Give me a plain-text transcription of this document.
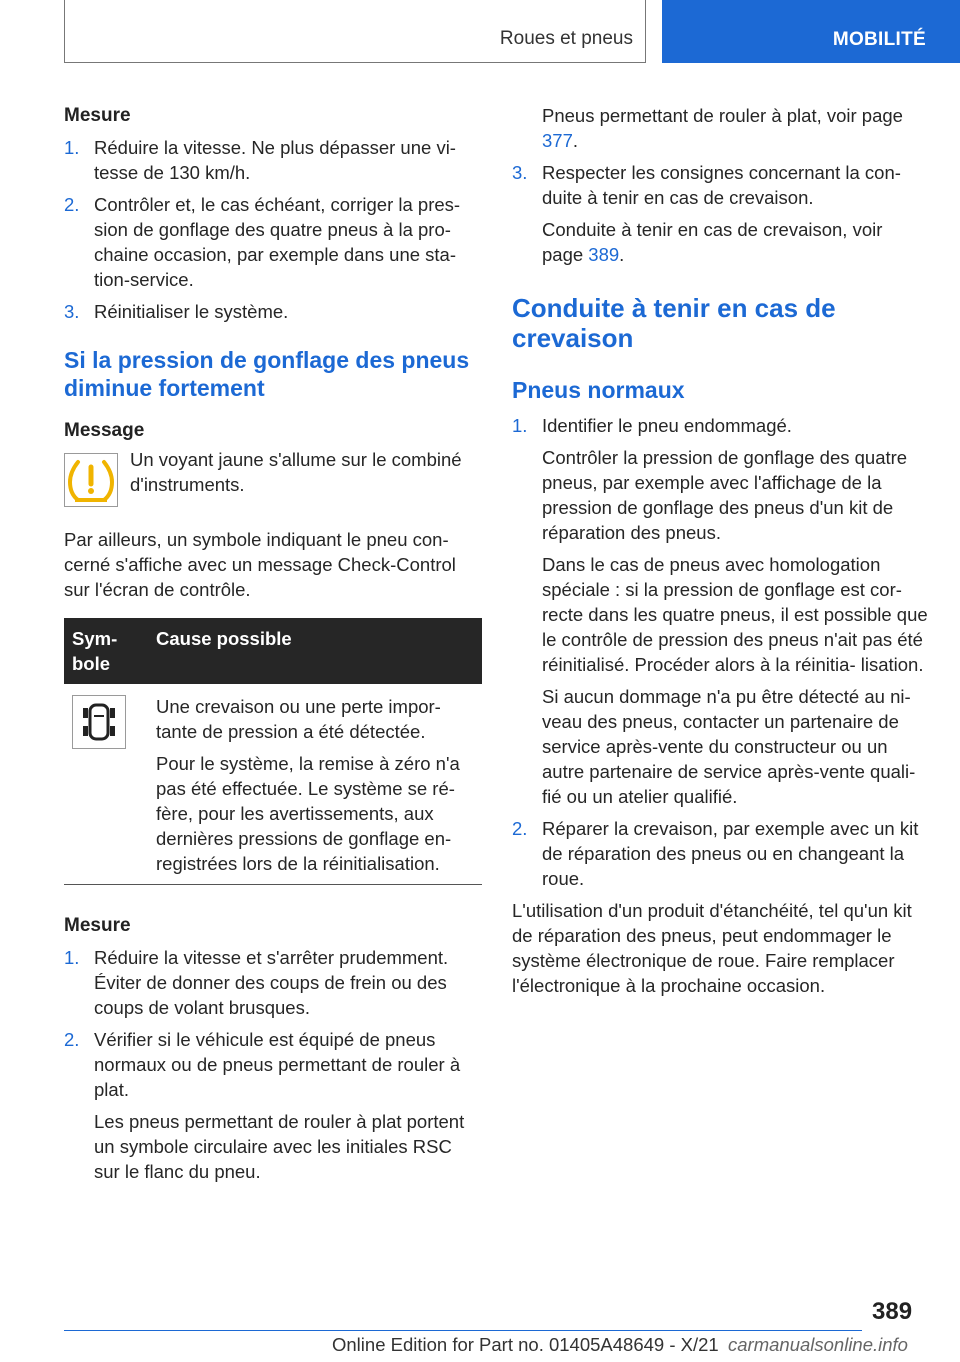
Roues et pneus	MOBILITÉ

Mesure

1. Réduire la vitesse. Ne plus dépasser une vi- tesse de 130 km/h.

2. Contrôler et, le cas échéant, corriger la pres- sion de gonflage des quatre pneus à la pro- chaine occasion, par exemple dans une sta- tion-service.

3. Réinitialiser le système.

Si la pression de gonflage des pneus diminue fortement

Message

Un voyant jaune s'allume sur le combiné d'instruments.

Par ailleurs, un symbole indiquant le pneu con- cerné s'affiche avec un message Check-Control sur l'écran de contrôle.

Sym- bole	Cause possible

Une crevaison ou une perte impor- tante de pression a été détectée.

Pour le système, la remise à zéro n'a pas été effectuée. Le système se ré- fère, pour les avertissements, aux dernières pressions de gonflage en- registrées lors de la réinitialisation.

Mesure

1. Réduire la vitesse et s'arrêter prudemment. Éviter de donner des coups de frein ou des coups de volant brusques.

2. Vérifier si le véhicule est équipé de pneus normaux ou de pneus permettant de rouler à plat.

Les pneus permettant de rouler à plat portent un symbole circulaire avec les initiales RSC sur le flanc du pneu.

Pneus permettant de rouler à plat, voir page 377.

3. Respecter les consignes concernant la con- duite à tenir en cas de crevaison.

Conduite à tenir en cas de crevaison, voir page 389.

Conduite à tenir en cas de crevaison

Pneus normaux

1. Identifier le pneu endommagé.

Contrôler la pression de gonflage des quatre pneus, par exemple avec l'affichage de la pression de gonflage des pneus d'un kit de réparation des pneus.

Dans le cas de pneus avec homologation spéciale : si la pression de gonflage est cor- recte dans les quatre pneus, il est possible que le contrôle de pression des pneus n'ait pas été réinitialisé. Procéder alors à la réinitia- lisation.

Si aucun dommage n'a pu être détecté au ni- veau des pneus, contacter un partenaire de service après-vente du constructeur ou un autre partenaire de service après-vente quali- fié ou un atelier qualifié.

2. Réparer la crevaison, par exemple avec un kit de réparation des pneus ou en changeant la roue.

L'utilisation d'un produit d'étanchéité, tel qu'un kit de réparation des pneus, peut endommager le système électronique de roue. Faire remplacer l'électronique à la prochaine occasion.

389
Online Edition for Part no. 01405A48649 - X/21 carmanualsonline.info
